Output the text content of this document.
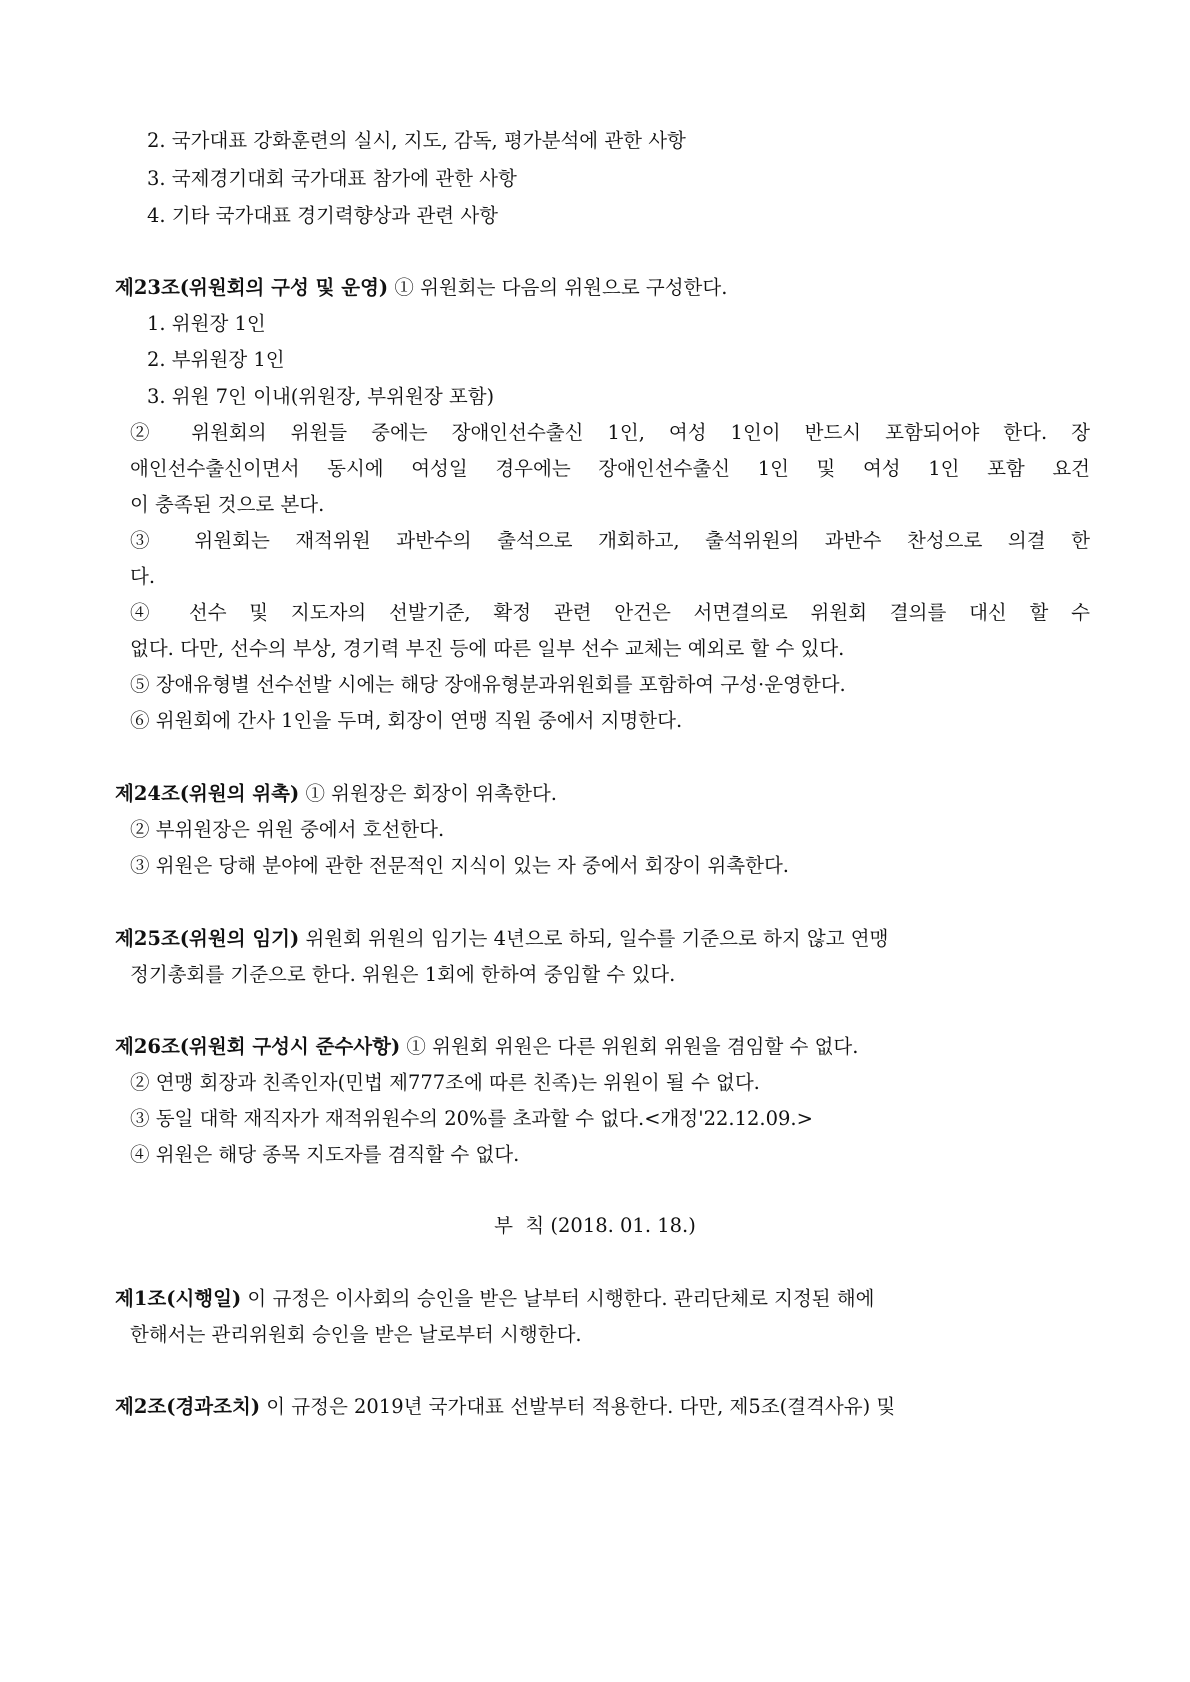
2. 국가대표 강화훈련의 실시, 지도, 감독, 평가분석에 관한 사항
3. 국제경기대회 국가대표 참가에 관한 사항
4. 기타 국가대표 경기력향상과 관련 사항
제23조(위원회의 구성 및 운영) ① 위원회는 다음의 위원으로 구성한다.
1. 위원장 1인
2. 부위원장 1인
3. 위원 7인 이내(위원장, 부위원장 포함)
② 위원회의 위원들 중에는 장애인선수출신 1인, 여성 1인이 반드시 포함되어야 한다. 장
애인선수출신이면서 동시에 여성일 경우에는 장애인선수출신 1인 및 여성 1인 포함 요건
이 충족된 것으로 본다.
③ 위원회는 재적위원 과반수의 출석으로 개회하고, 출석위원의 과반수 찬성으로 의결 한
다.
④ 선수 및 지도자의 선발기준, 확정 관련 안건은 서면결의로 위원회 결의를 대신 할 수
없다. 다만, 선수의 부상, 경기력 부진 등에 따른 일부 선수 교체는 예외로 할 수 있다.
⑤ 장애유형별 선수선발 시에는 해당 장애유형분과위원회를 포함하여 구성·운영한다.
⑥ 위원회에 간사 1인을 두며, 회장이 연맹 직원 중에서 지명한다.
제24조(위원의 위촉) ① 위원장은 회장이 위촉한다.
② 부위원장은 위원 중에서 호선한다.
③ 위원은 당해 분야에 관한 전문적인 지식이 있는 자 중에서 회장이 위촉한다.
제25조(위원의 임기) 위원회 위원의 임기는 4년으로 하되, 일수를 기준으로 하지 않고 연맹
정기총회를 기준으로 한다. 위원은 1회에 한하여 중임할 수 있다.
제26조(위원회 구성시 준수사항) ① 위원회 위원은 다른 위원회 위원을 겸임할 수 없다.
② 연맹 회장과 친족인자(민법 제777조에 따른 친족)는 위원이 될 수 없다.
③ 동일 대학 재직자가 재적위원수의 20%를 초과할 수 없다.<개정'22.12.09.>
④ 위원은 해당 종목 지도자를 겸직할 수 없다.
부  칙 (2018. 01. 18.)
제1조(시행일) 이 규정은 이사회의 승인을 받은 날부터 시행한다. 관리단체로 지정된 해에
한해서는 관리위원회 승인을 받은 날로부터 시행한다.
제2조(경과조치) 이 규정은 2019년 국가대표 선발부터 적용한다. 다만, 제5조(결격사유) 및
